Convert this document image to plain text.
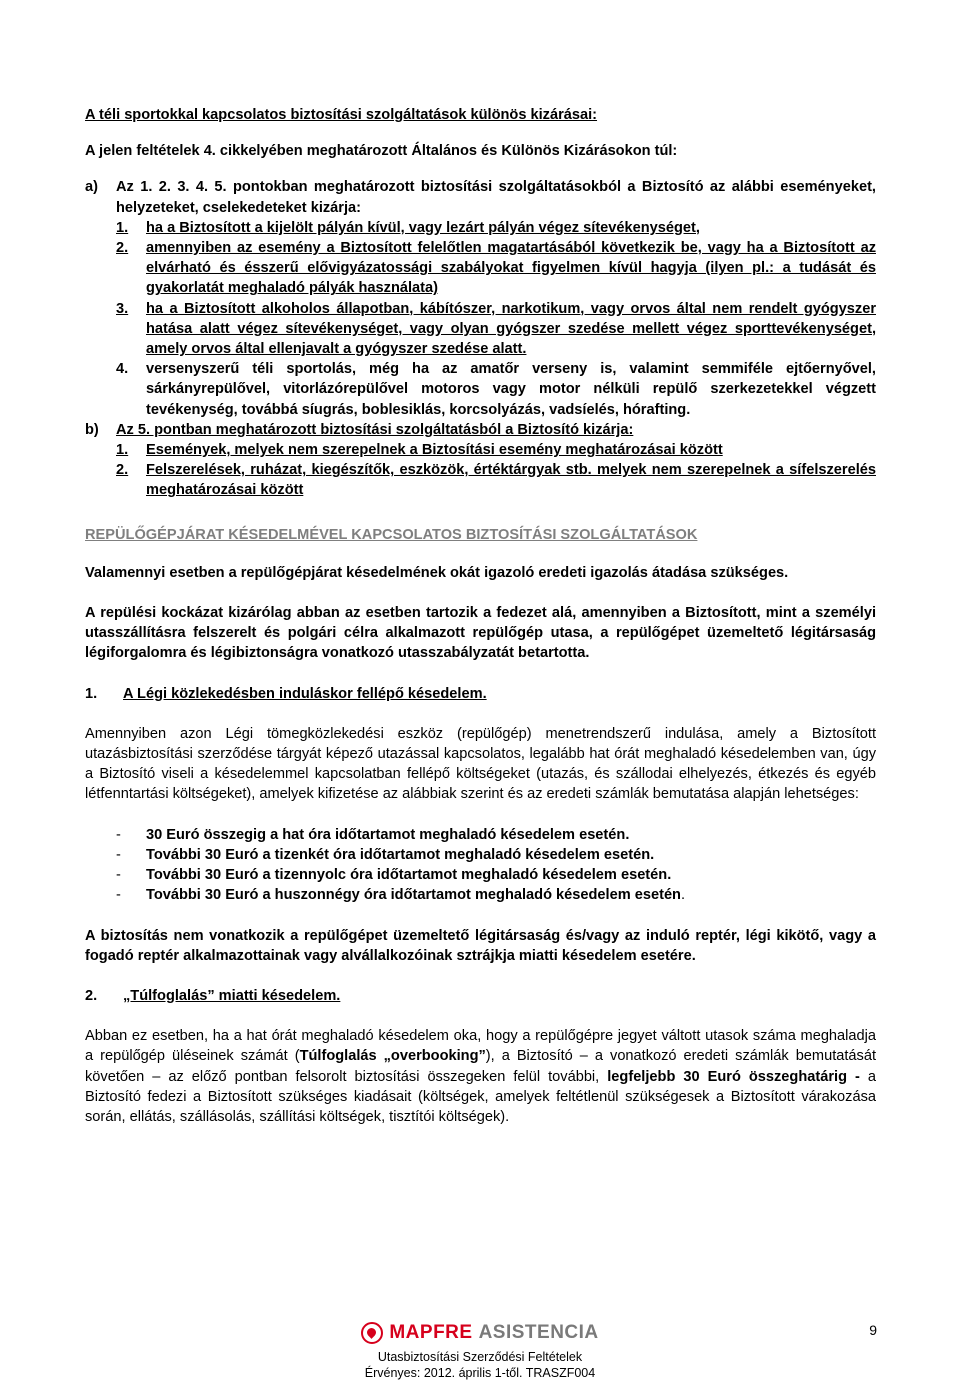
A téli sportokkal kapcsolatos biztosítási szolgáltatások különös kizárásai:

A jelen feltételek 4. cikkelyében meghatározott Általános és Különös Kizárásokon túl:

a)	Az 1. 2. 3. 4. 5. pontokban meghatározott biztosítási szolgáltatásokból a Biztosító az alábbi eseményeket, helyzeteket, cselekedeteket kizárja:
1.	ha a Biztosított a kijelölt pályán kívül, vagy lezárt pályán végez sítevékenységet,
2.	amennyiben az esemény a Biztosított felelőtlen magatartásából következik be, vagy ha a Biztosított az elvárható és ésszerű elővigyázatossági szabályokat figyelmen kívül hagyja (ilyen pl.: a tudását és gyakorlatát meghaladó pályák használata)
3.	ha a Biztosított alkoholos állapotban, kábítószer, narkotikum, vagy orvos által nem rendelt gyógyszer hatása alatt végez sítevékenységet, vagy olyan gyógszer szedése mellett végez sporttevékenységet, amely orvos által ellenjavalt a gyógyszer szedése alatt.
4.	versenyszerű téli sportolás, még ha az amatőr verseny is, valamint semmiféle ejtőernyővel, sárkányrepülővel, vitorlázórepülővel motoros vagy motor nélküli repülő szerkezetekkel végzett tevékenység, továbbá síugrás, boblesiklás, korcsolyázás, vadsíelés, hórafting.
b)	Az 5. pontban meghatározott biztosítási szolgáltatásból a Biztosító kizárja:
1.	Események, melyek nem szerepelnek a Biztosítási esemény meghatározásai között
2.	Felszerelések, ruházat, kiegészítők, eszközök, értéktárgyak stb. melyek nem szerepelnek a sífelszerelés meghatározásai között

REPÜLŐGÉPJÁRAT KÉSEDELMÉVEL KAPCSOLATOS BIZTOSÍTÁSI SZOLGÁLTATÁSOK

Valamennyi esetben a repülőgépjárat késedelmének okát igazoló eredeti igazolás átadása szükséges.

A repülési kockázat kizárólag abban az esetben tartozik a fedezet alá, amennyiben a Biztosított, mint a személyi utasszállításra felszerelt és polgári célra alkalmazott repülőgép utasa, a repülőgépet üzemeltető légitársaság légiforgalomra és légibiztonságra vonatkozó utasszabályzatát betartotta.

1.	A Légi közlekedésben induláskor fellépő késedelem.

Amennyiben azon Légi tömegközlekedési eszköz (repülőgép) menetrendszerű indulása, amely a Biztosított utazásbiztosítási szerződése tárgyát képező utazással kapcsolatos, legalább hat órát meghaladó késedelemben van, úgy a Biztosító viseli a késedelemmel kapcsolatban fellépő költségeket (utazás, és szállodai elhelyezés, étkezés és egyéb létfenntartási költségeket), amelyek kifizetése az alábbiak szerint és az eredeti számlák bemutatása alapján lehetséges:

-	30 Euró összegig a hat óra időtartamot meghaladó késedelem esetén.
-	További 30 Euró a tizenkét óra időtartamot meghaladó késedelem esetén.
-	További 30 Euró a tizennyolc óra időtartamot meghaladó késedelem esetén.
-	További 30 Euró a huszonnégy óra időtartamot meghaladó késedelem esetén .

A biztosítás nem vonatkozik a repülőgépet üzemeltető légitársaság és/vagy az induló reptér, légi kikötő, vagy a fogadó reptér alkalmazottainak vagy alvállalkozóinak sztrájkja miatti késedelem esetére.

2.	„Túlfoglalás” miatti késedelem.

Abban ez esetben, ha a hat órát meghaladó késedelem oka, hogy a repülőgépre jegyet váltott utasok száma meghaladja a repülőgép üléseinek számát (Túlfoglalás „overbooking”), a Biztosító – a vonatkozó eredeti számlák bemutatását követően – az előző pontban felsorolt biztosítási összegeken felül további, legfeljebb 30 Euró összeghatárig - a Biztosító fedezi a Biztosított szükséges kiadásait (költségek, amelyek feltétlenül szükségesek a Biztosított várakozása során, ellátás, szállásolás, szállítási költségek, tisztítói költségek).

MAPFRE ASISTENCIA
Utasbiztosítási Szerződési Feltételek
Érvényes: 2012. április 1-től. TRASZF004
9
